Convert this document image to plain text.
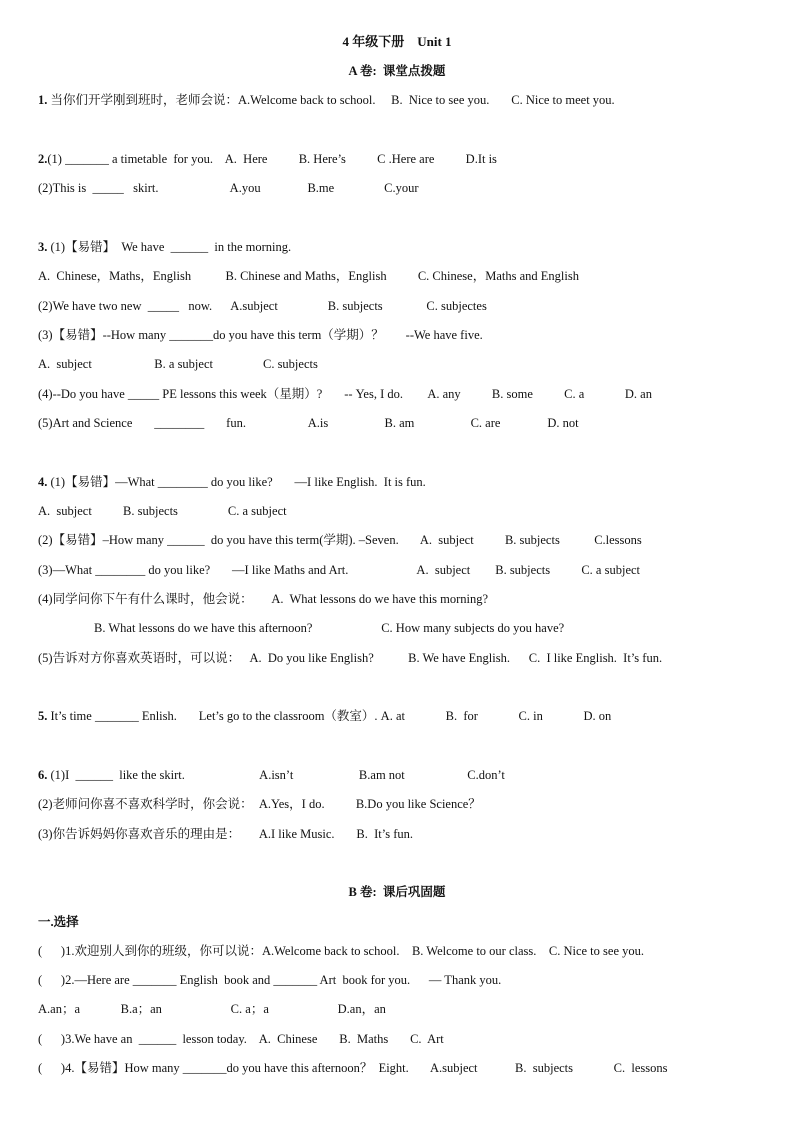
4 年级下册    Unit 1
A 卷:  课堂点拨题
1. 当你们开学刚到班时，老师会说：A.Welcome back to school.     B.  Nice to see you.       C. Nice to meet you.
2.(1) _______ a timetable  for you.    A.  Here          B. Here’s          C .Here are          D.It is
(2)This is  _____   skirt.                       A.you               B.me                C.your
3. (1)【易错】  We have  ______  in the morning.
A.  Chinese，Maths，English           B. Chinese and Maths，English          C. Chinese，Maths and English
(2)We have two new  _____   now.      A.subject                B. subjects              C. subjectes
(3)【易错】--How many _______do you have this term（学期）？       --We have five.
A.  subject                    B. a subject                C. subjects
(4)--Do you have _____ PE lessons this week（星期）?       -- Yes, I do.        A. any          B. some          C. a             D. an
(5)Art and Science       ________       fun.                    A.is                  B. am                  C. are               D. not
4. (1)【易错】—What ________ do you like?       —I like English.  It is fun.
A.  subject          B. subjects                C. a subject
(2)【易错】–How many ______  do you have this term(学期). –Seven.       A.  subject          B. subjects           C.lessons
(3)—What ________ do you like?       —I like Maths and Art.                      A.  subject        B. subjects          C. a subject
(4)同学问你下午有什么课时，他会说：      A.  What lessons do we have this morning?
B. What lessons do we have this afternoon?                      C. How many subjects do you have?
(5)告诉对方你喜欢英语时，可以说：   A.  Do you like English?           B. We have English.      C.  I like English.  It’s fun.
5. It’s time _______ Enlish.       Let’s go to the classroom（教室）. A. at             B.  for             C. in             D. on
6. (1)I  ______  like the skirt.                        A.isn’t                     B.am not                    C.don’t
(2)老师问你喜不喜欢科学时，你会说：  A.Yes，I do.          B.Do you like Science？
(3)你告诉妈妈你喜欢音乐的理由是：      A.I like Music.       B.  It’s fun.
B 卷:  课后巩固题
一.选择
(      )1.欢迎别人到你的班级，你可以说：A.Welcome back to school.    B. Welcome to our class.    C. Nice to see you.
(      )2.—Here are _______ English  book and _______ Art  book for you.      — Thank you.
A.an；a             B.a；an                      C. a；a                      D.an，an
(      )3.We have an  ______  lesson today.    A.  Chinese       B.  Maths       C.  Art
(      )4.【易错】How many _______do you have this afternoon？  Eight.       A.subject            B.  subjects             C.  lessons
